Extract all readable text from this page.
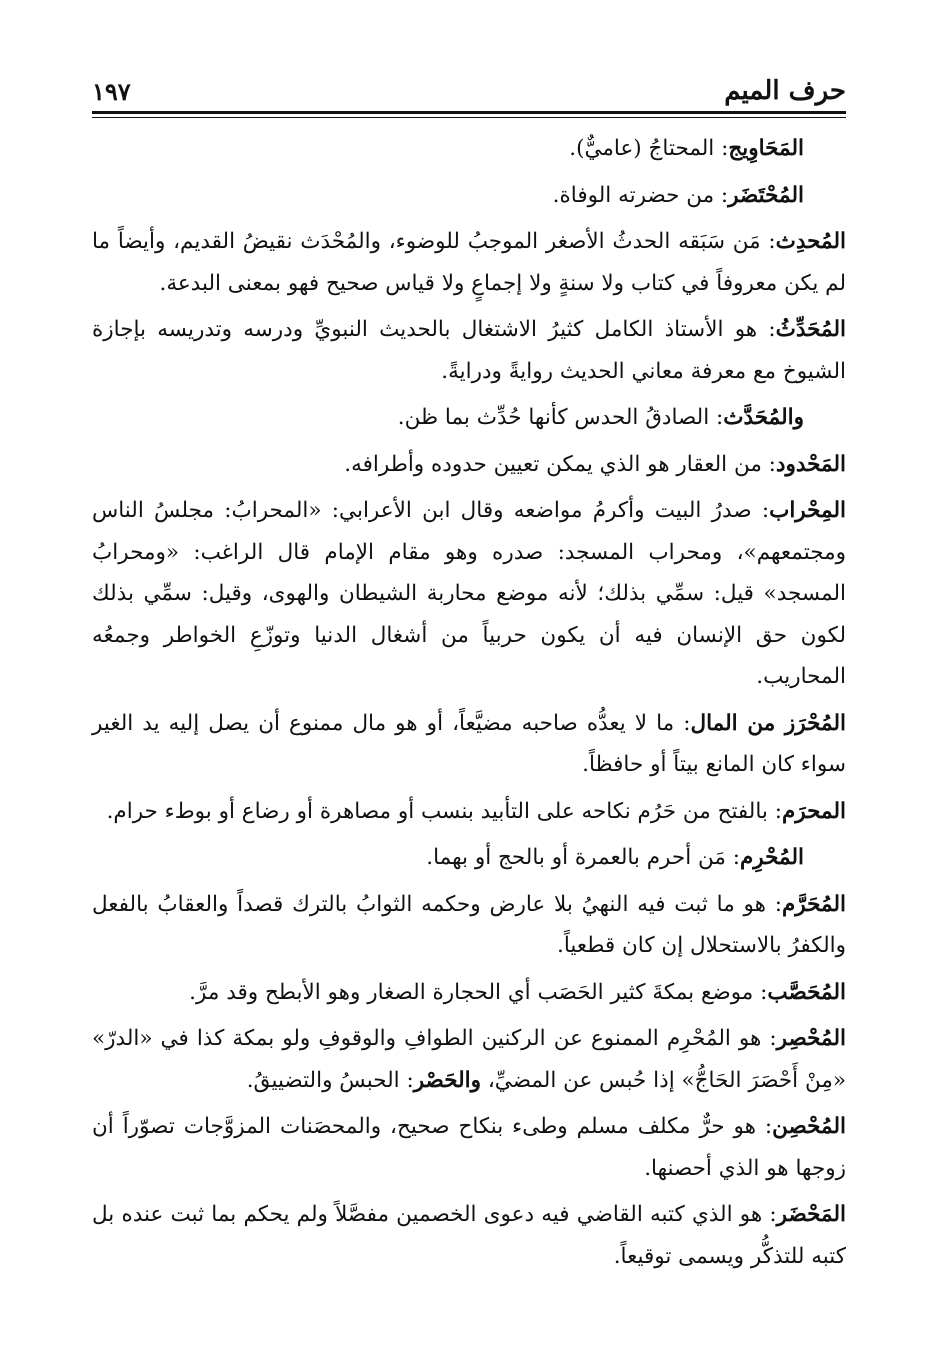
حرف الميم
١٩٧

المَحَاوِيج: المحتاجُ (عاميٌّ).

المُحْتَضَر: من حضرته الوفاة.

المُحدِث: مَن سَبَقه الحدثُ الأصغر الموجبُ للوضوء، والمُحْدَث نقيضُ القديم، وأيضاً ما لم يكن معروفاً في كتاب ولا سنةٍ ولا إجماعٍ ولا قياس صحيح فهو بمعنى البدعة.

المُحَدِّثُ: هو الأستاذ الكامل كثيرُ الاشتغال بالحديث النبويِّ ودرسه وتدريسه بإجازة الشيوخ مع معرفة معاني الحديث روايةً ودرايةً.

والمُحَدَّث: الصادقُ الحدس كأنها حُدِّث بما ظن.

المَحْدود: من العقار هو الذي يمكن تعيين حدوده وأطرافه.

المِحْراب: صدرُ البيت وأكرمُ مواضعه وقال ابن الأعرابي: «المحرابُ: مجلسُ الناس ومجتمعهم»، ومحراب المسجد: صدره وهو مقام الإمام قال الراغب: «ومحرابُ المسجد» قيل: سمِّي بذلك؛ لأنه موضع محاربة الشيطان والهوى، وقيل: سمِّي بذلك لكون حق الإنسان فيه أن يكون حربياً من أشغال الدنيا وتوزّعِ الخواطر وجمعُه المحاريب.

المُحْرَز من المال: ما لا يعدُّه صاحبه مضيَّعاً، أو هو مال ممنوع أن يصل إليه يد الغير سواء كان المانع بيتاً أو حافظاً.

المحرَم: بالفتح من حَرُم نكاحه على التأبيد بنسب أو مصاهرة أو رضاع أو بوطء حرام.

المُحْرِم: مَن أحرم بالعمرة أو بالحج أو بهما.

المُحَرَّم: هو ما ثبت فيه النهيُ بلا عارض وحكمه الثوابُ بالترك قصداً والعقابُ بالفعل والكفرُ بالاستحلال إن كان قطعياً.

المُحَصَّب: موضع بمكةَ كثير الحَصَب أي الحجارة الصغار وهو الأبطح وقد مرَّ.

المُحْصِر: هو المُحْرِم الممنوع عن الركنين الطوافِ والوقوفِ ولو بمكة كذا في «الدرّ» «مِنْ أَحْصَرَ الحَاجُّ» إذا حُبس عن المضيِّ، والحَصْر: الحبسُ والتضييقُ.

المُحْصِن: هو حرٌّ مكلف مسلم وطىء بنكاح صحيح، والمحصَنات المزوَّجات تصوّراً أن زوجها هو الذي أحصنها.

المَحْضَر: هو الذي كتبه القاضي فيه دعوى الخصمين مفصَّلاً ولم يحكم بما ثبت عنده بل كتبه للتذكُّر ويسمى توقيعاً.
